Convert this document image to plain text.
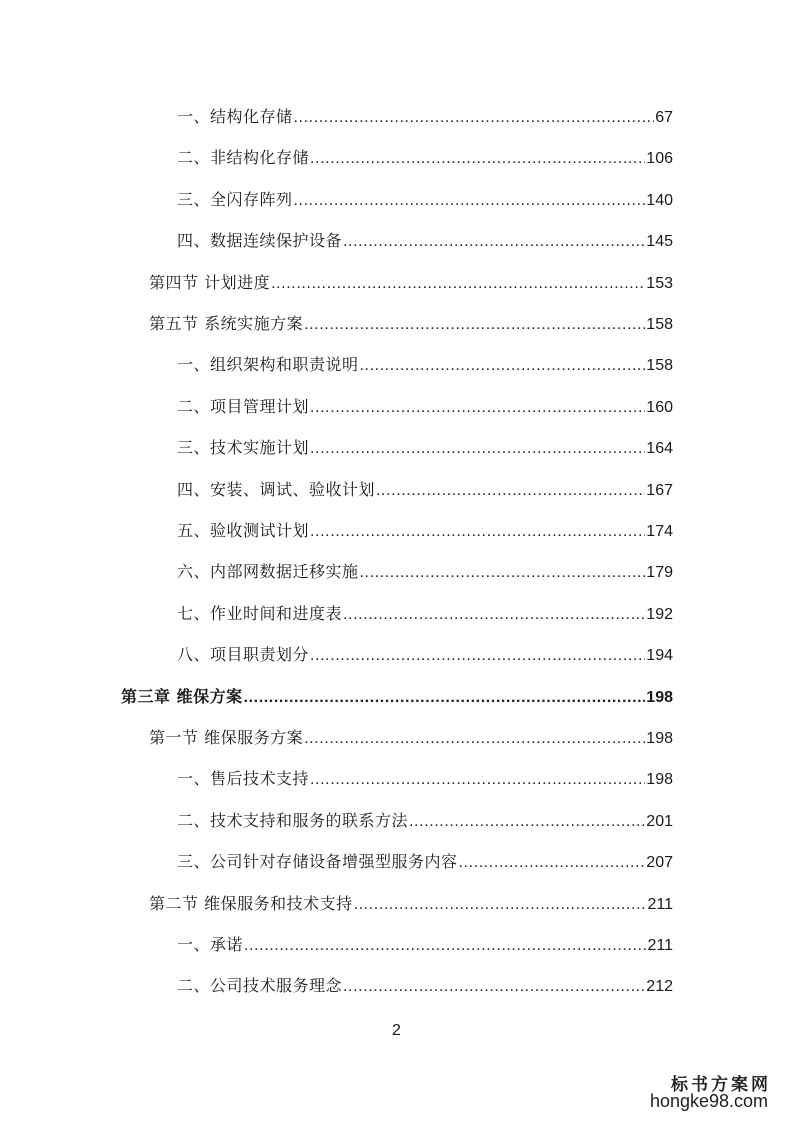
一、结构化存储 .....	67
二、非结构化存储 .....	106
三、全闪存阵列 .....	140
四、数据连续保护设备 .....	145
第四节 计划进度 .....	153
第五节 系统实施方案 .....	158
一、组织架构和职责说明 .....	158
二、项目管理计划 .....	160
三、技术实施计划 .....	164
四、安装、调试、验收计划 .....	167
五、验收测试计划 .....	174
六、内部网数据迁移实施 .....	179
七、作业时间和进度表 .....	192
八、项目职责划分 .....	194
第三章 维保方案 .....	198
第一节 维保服务方案 .....	198
一、售后技术支持 .....	198
二、技术支持和服务的联系方法 .....	201
三、公司针对存储设备增强型服务内容 .....	207
第二节 维保服务和技术支持 .....	211
一、承诺 .....	211
二、公司技术服务理念 .....	212
2
标书方案网
hongke98.com
